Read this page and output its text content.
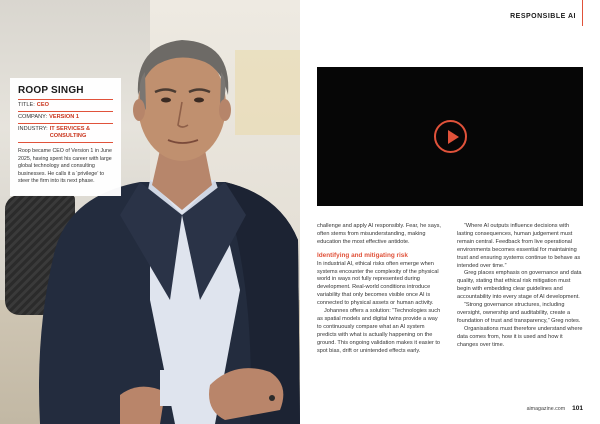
ROOP SINGH
TITLE: CEO
COMPANY: VERSION 1
INDUSTRY: IT SERVICES & CONSULTING

Roop became CEO of Version 1 in June 2025, having spent his career with large global technology and consulting businesses. He calls it a ‘privilege’ to steer the firm into its next phase.

RESPONSIBLE AI

challenge and apply AI responsibly. Fear, he says, often stems from misunderstanding, making education the most effective antidote.

Identifying and mitigating risk

In industrial AI, ethical risks often emerge when systems encounter the complexity of the physical world in ways not fully represented during development. Real-world conditions introduce variability that only becomes visible once AI is connected to physical assets or human activity.

Johannes offers a solution: “Technologies such as spatial models and digital twins provide a way to continuously compare what an AI system predicts with what is actually happening on the ground. This ongoing validation makes it easier to spot bias, drift or unintended effects early.

“Where AI outputs influence decisions with lasting consequences, human judgement must remain central. Feedback from live operational environments becomes essential for maintaining trust and ensuring systems continue to behave as intended over time.”

Greg places emphasis on governance and data quality, stating that ethical risk mitigation must begin with embedding clear guidelines and accountability into every stage of AI development.

“Strong governance structures, including oversight, ownership and auditability, create a foundation of trust and transparency,” Greg notes.

Organisations must therefore understand where data comes from, how it is used and how it changes over time.

aimagazine.com 101
